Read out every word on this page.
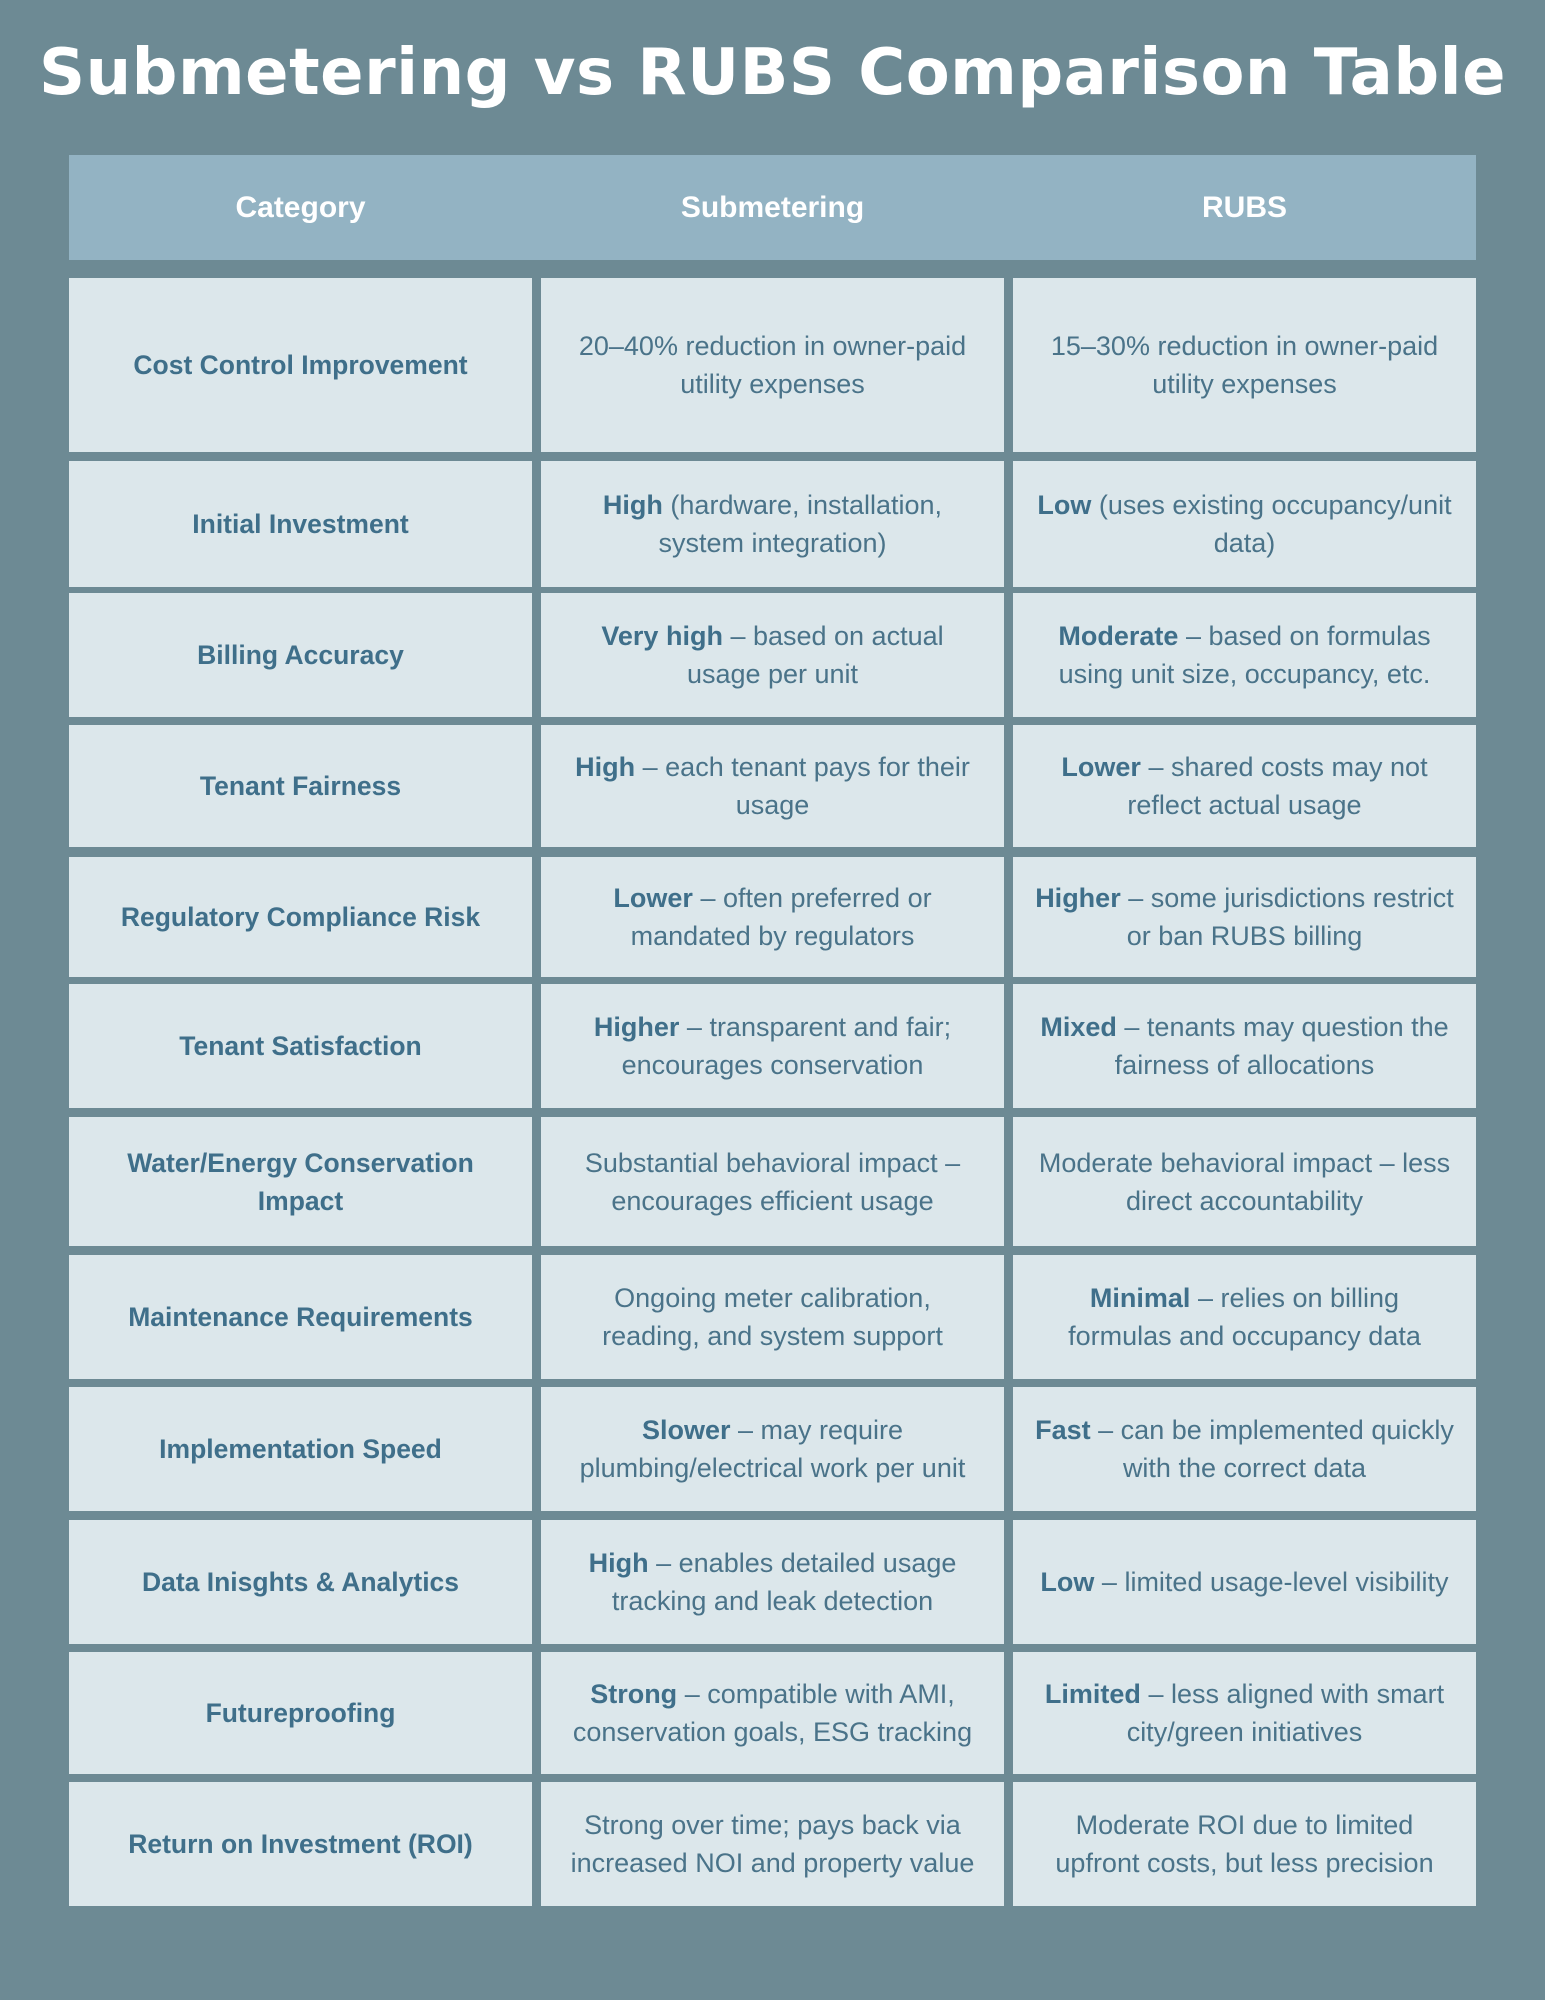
Submetering vs RUBS Comparison Table
Category	Submetering	RUBS
Cost Control Improvement
20–40% reduction in owner-paid utility expenses
15–30% reduction in owner-paid utility expenses
Initial Investment
High (hardware, installation, system integration)
Low (uses existing occupancy/unit data)
Billing Accuracy
Very high – based on actual usage per unit
Moderate – based on formulas using unit size, occupancy, etc.
Tenant Fairness
High – each tenant pays for their usage
Lower – shared costs may not reflect actual usage
Regulatory Compliance Risk
Lower – often preferred or mandated by regulators
Higher – some jurisdictions restrict or ban RUBS billing
Tenant Satisfaction
Higher – transparent and fair; encourages conservation
Mixed – tenants may question the fairness of allocations
Water/Energy Conservation Impact
Substantial behavioral impact – encourages efficient usage
Moderate behavioral impact – less direct accountability
Maintenance Requirements
Ongoing meter calibration, reading, and system support
Minimal – relies on billing formulas and occupancy data
Implementation Speed
Slower – may require plumbing/electrical work per unit
Fast – can be implemented quickly with the correct data
Data Inisghts & Analytics
High – enables detailed usage tracking and leak detection
Low – limited usage-level visibility
Futureproofing
Strong – compatible with AMI, conservation goals, ESG tracking
Limited – less aligned with smart city/green initiatives
Return on Investment (ROI)
Strong over time; pays back via increased NOI and property value
Moderate ROI due to limited upfront costs, but less precision
